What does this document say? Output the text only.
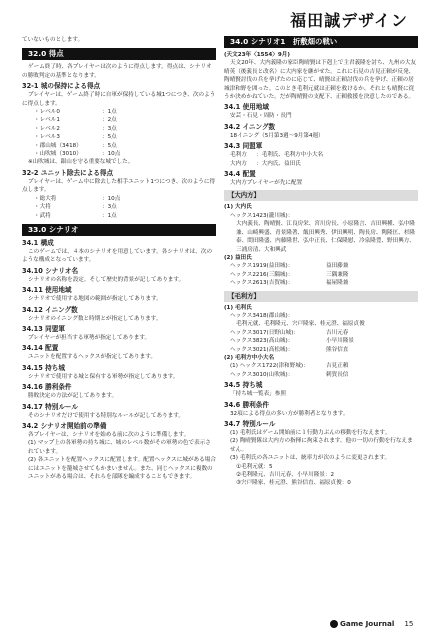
福田誠デザイン
ていないものとします。
32.0 得点
ゲーム終了時、各プレイヤーは次のように得点します。得点は、シナリオの勝敗判定の基準となります。
32-1 城の保持による得点
プレイヤーは、ゲーム終了時に自軍が保持している城1つにつき、次のように得点します。
・レベル0	：1点
・レベル1	：2点
・レベル2	：3点
・レベル3	：5点
・郡山城（3418）	：5点
・山吹城（3010）	：10点
※山吹城は、銀山を守る重要な城でした。
32-2 ユニット除去による得点
プレイヤーは、ゲーム中に除去した相手ユニット1つにつき、次のように得点します。
・総大将	：10点
・大将	：3点
・武将	：1点
33.0 シナリオ
34.1 構成
このゲームでは、４本のシナリオを用意しています。各シナリオは、次のような構成となっています。
34.10 シナリオ名
シナリオの名称を設定。そして歴史的背景が記してあります。
34.11 使用地域
シナリオで使用する地図の範囲が指定してあります。
34.12 イニング数
シナリオのイニング数と時期とが指定してあります。
34.13 同盟軍
プレイヤーが担当する軍勢が指定してあります。
34.14 配置
ユニットを配置するヘックスが指定してあります。
34.15 持ち城
シナリオで使用する城と保有する軍勢が指定してあります。
34.16 勝利条件
勝敗決定の方法が記してあります。
34.17 特別ルール
そのシナリオだけで使用する特別なルールが記してあります。
34.2 シナリオ開始前の準備
各プレイヤーは、シナリオを始める前に次のように準備します。
(1) マップ上の各軍勢の持ち城に、城のレベル数がその軍勢の色で表示されています。
(2) 各ユニットを配置ヘックスに配置します。配置ヘックスに城がある場合にはユニットを籠城させてもかまいません。また、同じヘックスに複数のユニットがある場合は、それらを部隊を編成することもできます。
34.0 シナリオ1　折敷畑の戦い
(天文23年〈1554〉9月)
天文20年、大内義隆の家臣陶晴賢は下剋上で主君義隆を討ち、九州の大友晴英（後義長と改名）に大内家を継がせた。これに石見の吉見正頼が反発、陶晴賢討伐の兵を挙げたのに応じて、晴賢は正頼討伐の兵を挙げ、正頼の居城津和野を囲った。このとき毛利元就は正頼を救けるか、それとも晴賢に従うか決めかねていた。だが陶晴賢の支配下、正頼救援を決意したのである。
34.1 使用地域
安芸・石見・周防・長門
34.2 イニング数
18イニング（5月第3週〜9月第4週）
34.3 同盟軍
毛利方	：毛利氏、毛利方中小大名
大内方	：大内氏、益田氏
34.4 配置
大内方プレイヤーが先に配置
【大内方】
(1) 大内氏
ヘックス1423(瀧川城)：
大内義長、陶晴賢、江良房栄、宮川房長、小原隆言、吉田興種、弘中隆兼、山崎興盛、青景隆著、飯田興秀、伊田興明、陶長房、陶隆匡、杉隆泰、問田隆盛、内藤隆世、弘中正長、仁保隆慰、冷泉隆豊、野田興方、三浦房清、大和興武
(2) 益田氏
ヘックス1919(益田城)：	益田藤兼
ヘックス2216(三隅城)：	三隅兼隆
ヘックス2613(吉賀城)：	福屋隆兼
【毛利方】
(1) 毛利氏
ヘックス3418(郡山城)：
毛利元就、毛利隆元、宍戸隆家、桂元澄、福原貞俊
ヘックス3017(日野山城)：	吉川元春
ヘックス3823(高山城)：	小早川隆景
ヘックス3021(高松城)：	熊谷信直
(2) 毛利方中小大名
(1) ヘックス1722(津和野城)：	吉見正頼
ヘックス3010(山吹城)：	刺賀長信
34.5 持ち城
「持ち城一覧表」参照
34.6 勝利条件
32項による得点の多い方が勝利者となります。
34.7 特別ルール
(1) 毛利氏はゲーム開始前に１行動力ぶんの移動を行なえます。
(2) 陶晴賢隊は大内方の指揮に拘束されます。他の一切の行動を行なえません。
(3) 毛利氏の各ユニットは、統率力が次のように変更されます。
①毛利元就：5
②毛利隆元、吉川元春、小早川隆景：2
③宍戸隆家、桂元澄、熊谷信直、福原貞俊：0
Game Journal 15
